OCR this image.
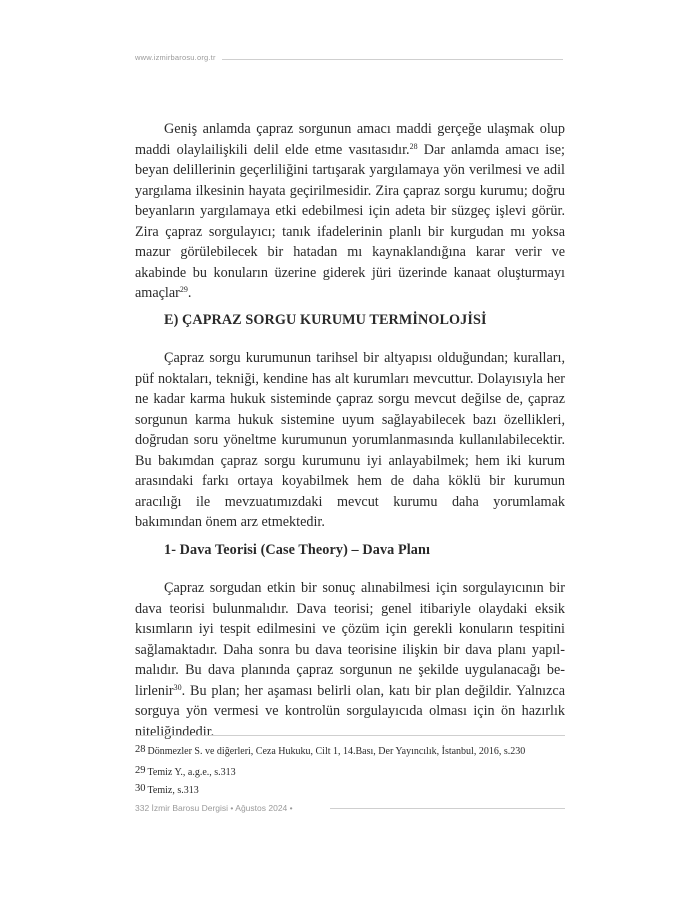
www.izmirbarosu.org.tr

Geniş anlamda çapraz sorgunun amacı maddi gerçeğe ulaşmak olup maddi olaylailişkili delil elde etme vasıtasıdır.$^{28}$ Dar anlamda amacı ise; beyan delillerinin geçerliliğini tartışarak yargılamaya yön verilmesi ve adil yargılama ilkesinin hayata geçirilmesidir. Zira çapraz sorgu kurumu; doğru beyanların yargılamaya etki edebilmesi için adeta bir süzgeç işlevi görür. Zira çapraz sorgulayıcı; tanık ifadelerinin planlı bir kurgudan mı yoksa mazur görülebilecek bir hatadan mı kaynaklandığına karar verir ve akabinde bu konuların üzerine giderek jüri üzerinde kanaat oluşturmayı amaçlar$^{29}$.

E) ÇAPRAZ SORGU KURUMU TERMİNOLOJİSİ

Çapraz sorgu kurumunun tarihsel bir altyapısı olduğundan; kuralları, püf noktaları, tekniği, kendine has alt kurumları mevcuttur. Dolayısıyla her ne kadar karma hukuk sisteminde çapraz sorgu mevcut değilse de, çapraz sorgunun karma hukuk sistemine uyum sağlayabilecek bazı özellikleri, doğrudan soru yöneltme kurumunun yorumlanmasında kullanılabilecektir. Bu bakımdan çapraz sorgu kurumunu iyi anlayabilmek; hem iki kurum arasındaki farkı ortaya koyabilmek hem de daha köklü bir kurumun aracılığı ile mevzuatımızdaki mevcut kurumu daha yorumlamak bakımından önem arz etmektedir.

1- Dava Teorisi (Case Theory) – Dava Planı

Çapraz sorgudan etkin bir sonuç alınabilmesi için sorgulayıcının bir dava teorisi bulunmalıdır. Dava teorisi; genel itibariyle olaydaki eksik kısımların iyi tespit edilmesini ve çözüm için gerekli konuların tespitini sağlamaktadır. Daha sonra bu dava teorisine ilişkin bir dava planı yapılmalıdır. Bu dava planında çapraz sorgunun ne şekilde uygulanacağı belirlenir$^{30}$. Bu plan; her aşaması belirli olan, katı bir plan değildir. Yalnızca sorguya yön vermesi ve kontrolün sorgulayıcıda olması için ön hazırlık niteliğindedir.

28 Dönmezler S. ve diğerleri, Ceza Hukuku, Cilt 1, 14.Bası, Der Yayıncılık, İstanbul, 2016, s.230
29 Temiz Y., a.g.e., s.313
30 Temiz, s.313
332 İzmir Barosu Dergisi • Ağustos 2024 •
